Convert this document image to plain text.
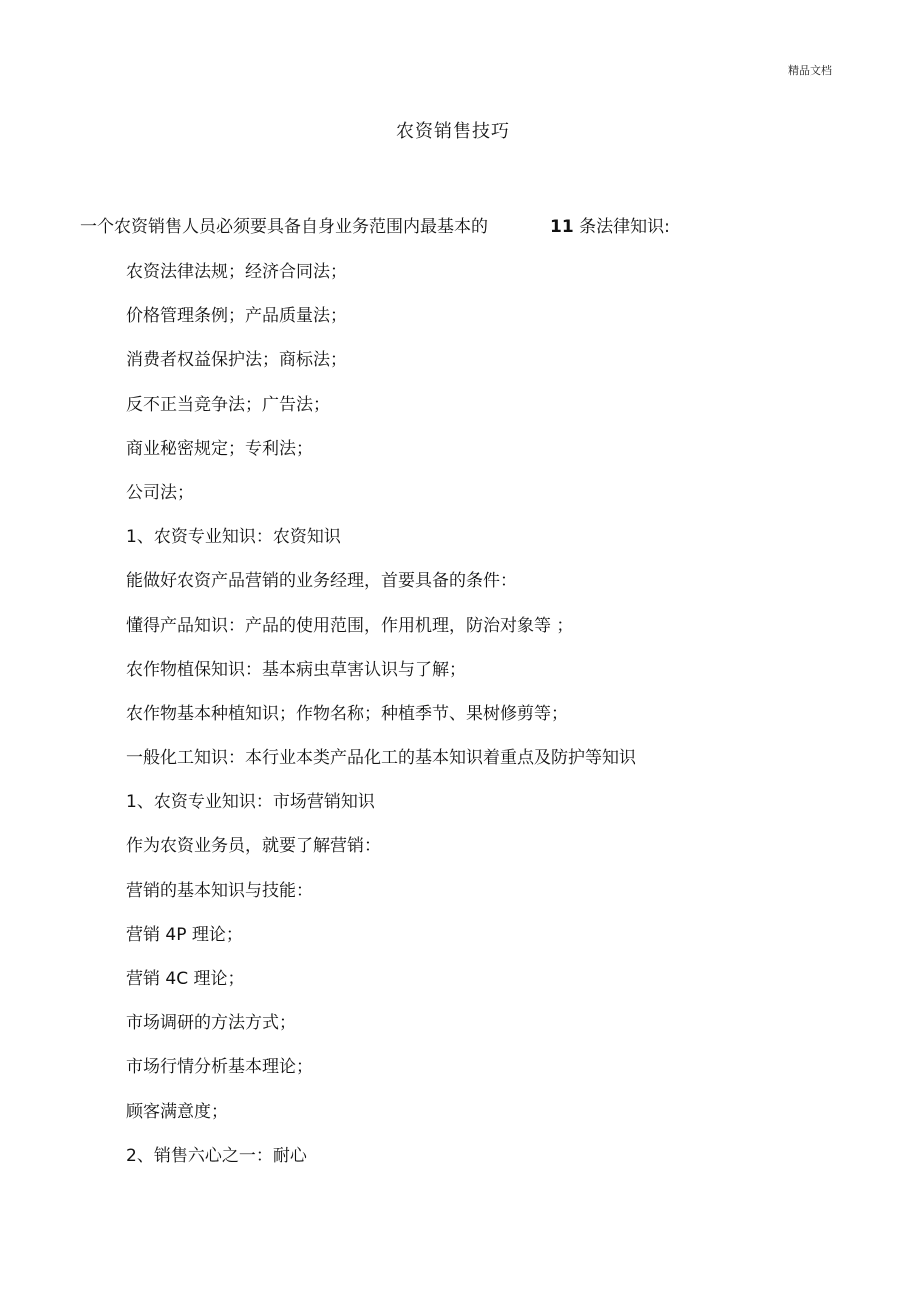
精品文档
农资销售技巧
一个农资销售人员必须要具备自身业务范围内最基本的	11 条法律知识:
农资法律法规；经济合同法；
价格管理条例；产品质量法；
消费者权益保护法；商标法；
反不正当竞争法；广告法；
商业秘密规定；专利法；
公司法；
1、农资专业知识：农资知识
能做好农资产品营销的业务经理，首要具备的条件：
懂得产品知识：产品的使用范围，作用机理，防治对象等 ；
农作物植保知识：基本病虫草害认识与了解；
农作物基本种植知识；作物名称；种植季节、果树修剪等；
一般化工知识：本行业本类产品化工的基本知识着重点及防护等知识
1、农资专业知识：市场营销知识
作为农资业务员，就要了解营销：
营销的基本知识与技能：
营销 4P 理论；
营销 4C 理论；
市场调研的方法方式；
市场行情分析基本理论；
顾客满意度；
2、销售六心之一：耐心
